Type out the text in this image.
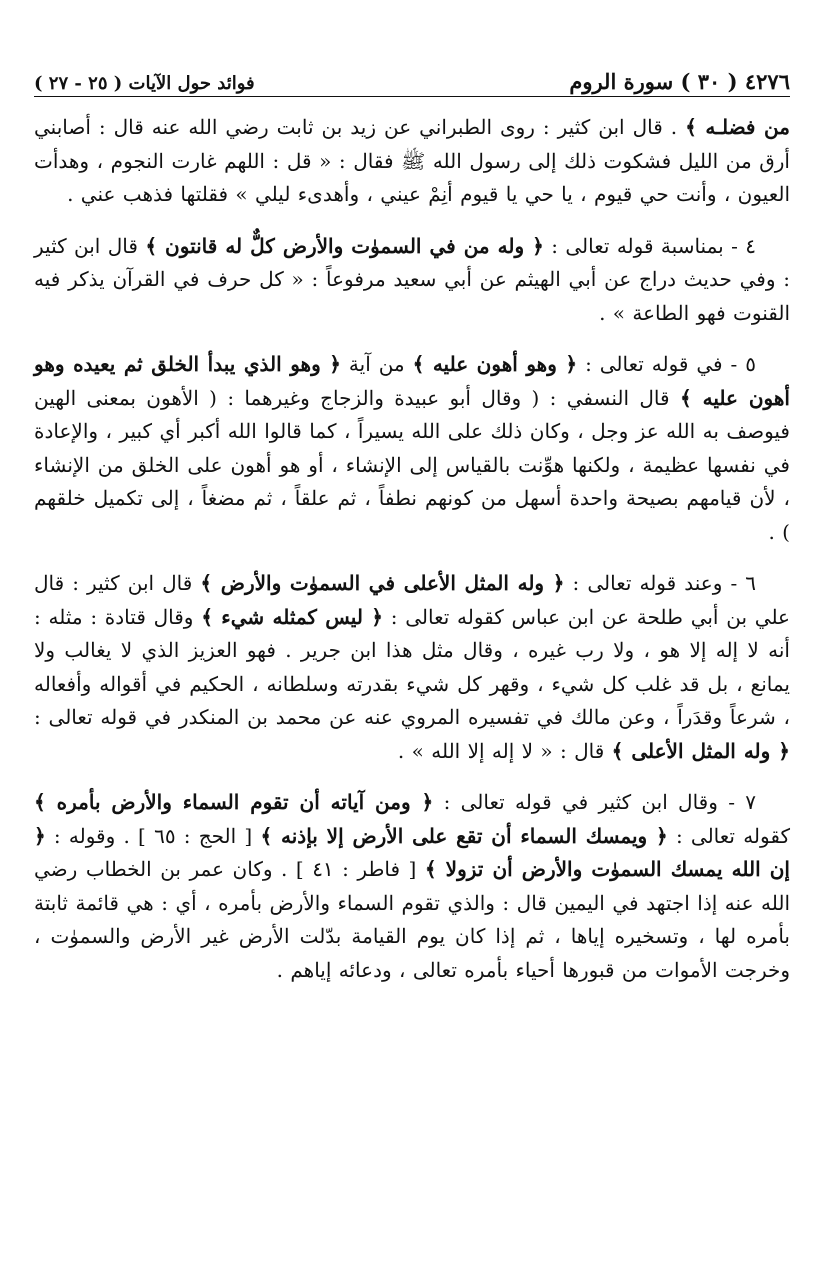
٤٢٧٦ ( ٣٠ ) سورة الروم
فوائد حول الآيات ( ٢٥ - ٢٧ )

من فضلـه ﴾ . قال ابن كثير : روى الطبراني عن زيد بن ثابت رضي الله عنه قال : أصابني أرق من الليل فشكوت ذلك إلى رسول الله ﷺ فقال : « قل : اللهم غارت النجوم ، وهدأت العيون ، وأنت حي قيوم ، يا حي يا قيوم أنِمْ عيني ، وأهدىء ليلي » فقلتها فذهب عني .

٤ - بمناسبة قوله تعالى : ﴿ وله من في السموٰت والأرض كلٌّ له قانتون ﴾ قال ابن كثير : وفي حديث دراج عن أبي الهيثم عن أبي سعيد مرفوعاً : « كل حرف في القرآن يذكر فيه القنوت فهو الطاعة » .

٥ - في قوله تعالى : ﴿ وهو أهون عليه ﴾ من آية ﴿ وهو الذي يبدأ الخلق ثم يعيده وهو أهون عليه ﴾ قال النسفي : ( وقال أبو عبيدة والزجاج وغيرهما : ( الأهون بمعنى الهين فيوصف به الله عز وجل ، وكان ذلك على الله يسيراً ، كما قالوا الله أكبر أي كبير ، والإعادة في نفسها عظيمة ، ولكنها هوِّنت بالقياس إلى الإنشاء ، أو هو أهون على الخلق من الإنشاء ، لأن قيامهم بصيحة واحدة أسهل من كونهم نطفاً ، ثم علقاً ، ثم مضغاً ، إلى تكميل خلقهم ) .

٦ - وعند قوله تعالى : ﴿ وله المثل الأعلى في السموٰت والأرض ﴾ قال ابن كثير : قال علي بن أبي طلحة عن ابن عباس كقوله تعالى : ﴿ ليس كمثله شيء ﴾ وقال قتادة : مثله : أنه لا إله إلا هو ، ولا رب غيره ، وقال مثل هذا ابن جرير . فهو العزيز الذي لا يغالب ولا يمانع ، بل قد غلب كل شيء ، وقهر كل شيء بقدرته وسلطانه ، الحكيم في أقواله وأفعاله ، شرعاً وقدَراً ، وعن مالك في تفسيره المروي عنه عن محمد بن المنكدر في قوله تعالى : ﴿ وله المثل الأعلى ﴾ قال : « لا إله إلا الله » .

٧ - وقال ابن كثير في قوله تعالى : ﴿ ومن آياته أن تقوم السماء والأرض بأمره ﴾ كقوله تعالى : ﴿ ويمسك السماء أن تقع على الأرض إلا بإذنه ﴾ [ الحج : ٦٥ ] . وقوله : ﴿ إن الله يمسك السموٰت والأرض أن تزولا ﴾ [ فاطر : ٤١ ] . وكان عمر بن الخطاب رضي الله عنه إذا اجتهد في اليمين قال : والذي تقوم السماء والأرض بأمره ، أي : هي قائمة ثابتة بأمره لها ، وتسخيره إياها ، ثم إذا كان يوم القيامة بدّلت الأرض غير الأرض والسموٰت ، وخرجت الأموات من قبورها أحياء بأمره تعالى ، ودعائه إياهم .
